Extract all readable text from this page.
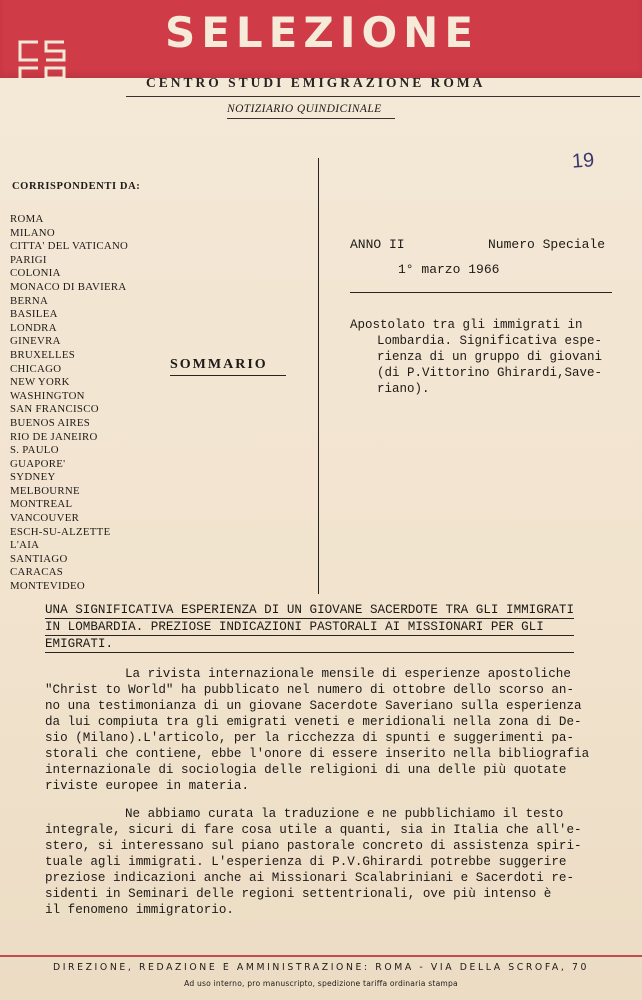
SELEZIONE
CENTRO STUDI EMIGRAZIONE ROMA
NOTIZIARIO QUINDICINALE
19
CORRISPONDENTI DA:
ROMA
MILANO
CITTA' DEL VATICANO
PARIGI
COLONIA
MONACO DI BAVIERA
BERNA
BASILEA
LONDRA
GINEVRA
BRUXELLES
CHICAGO
NEW YORK
WASHINGTON
SAN FRANCISCO
BUENOS AIRES
RIO DE JANEIRO
S. PAULO
GUAPORE'
SYDNEY
MELBOURNE
MONTREAL
VANCOUVER
ESCH-SU-ALZETTE
L'AIA
SANTIAGO
CARACAS
MONTEVIDEO
SOMMARIO
ANNO II	Numero Speciale
1° marzo 1966
Apostolato tra gli immigrati in
Lombardia. Significativa espe-
rienza di un gruppo di giovani
(di P.Vittorino Ghirardi,Save-
riano).
UNA SIGNIFICATIVA ESPERIENZA DI UN GIOVANE SACERDOTE TRA GLI IMMIGRATI
IN LOMBARDIA. PREZIOSE INDICAZIONI PASTORALI AI MISSIONARI PER GLI
EMIGRATI.
La rivista internazionale mensile di esperienze apostoliche
"Christ to World" ha pubblicato nel numero di ottobre dello scorso an-
no una testimonianza di un giovane Sacerdote Saveriano sulla esperienza
da lui compiuta tra gli emigrati veneti e meridionali nella zona di De-
sio (Milano).L'articolo, per la ricchezza di spunti e suggerimenti pa-
storali che contiene, ebbe l'onore di essere inserito nella bibliografia
internazionale di sociologia delle religioni di una delle più quotate
riviste europee in materia.
Ne abbiamo curata la traduzione e ne pubblichiamo il testo
integrale, sicuri di fare cosa utile a quanti, sia in Italia che all'e-
stero, si interessano sul piano pastorale concreto di assistenza spiri-
tuale agli immigrati. L'esperienza di P.V.Ghirardi potrebbe suggerire
preziose indicazioni anche ai Missionari Scalabriniani e Sacerdoti re-
sidenti in Seminari delle regioni settentrionali, ove più intenso è
il fenomeno immigratorio.
DIREZIONE, REDAZIONE E AMMINISTRAZIONE: ROMA - VIA DELLA SCROFA, 70
Ad uso interno, pro manuscripto, spedizione tariffa ordinaria stampa
